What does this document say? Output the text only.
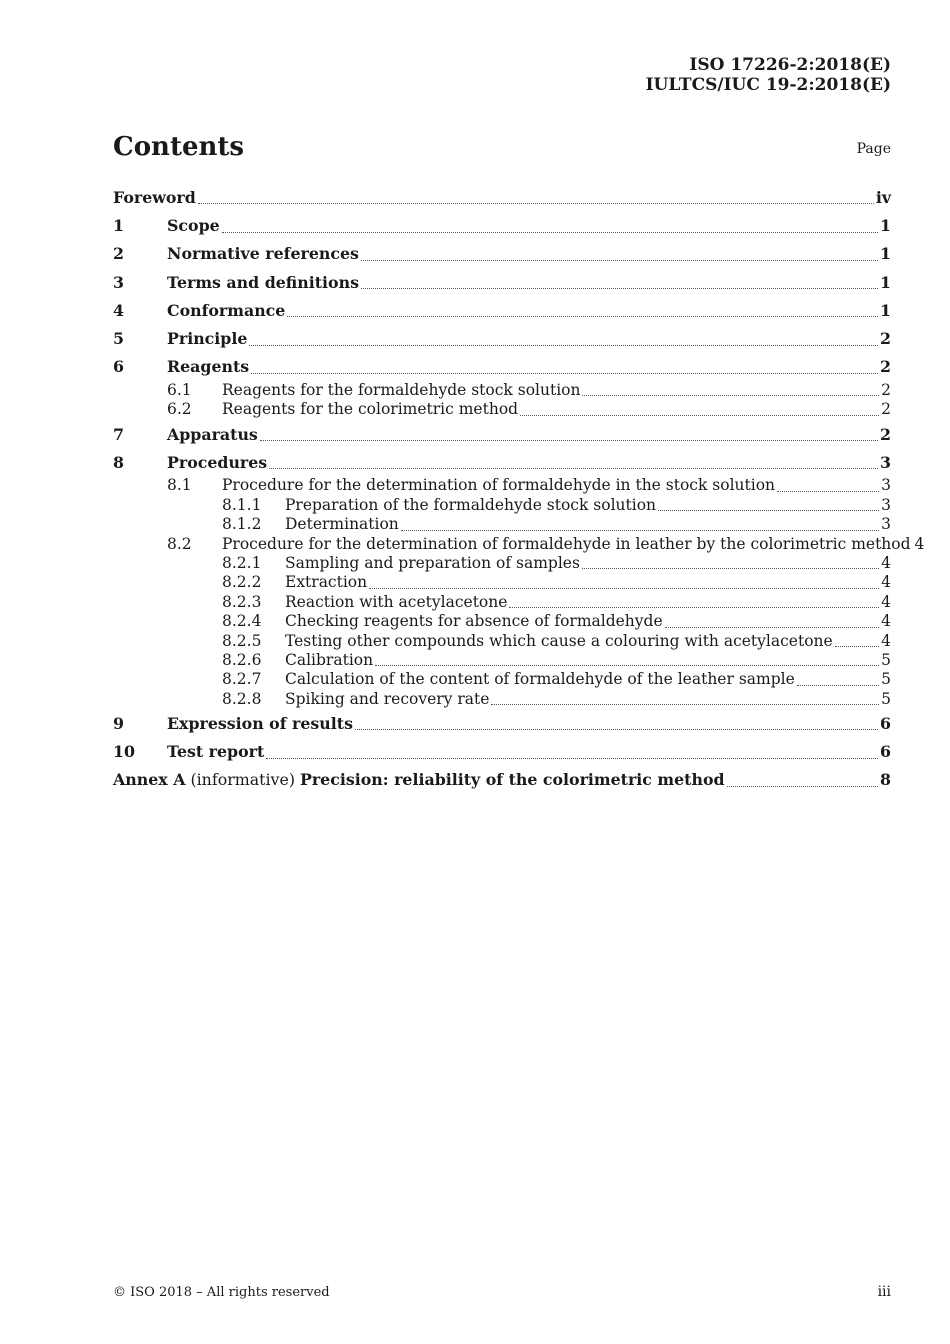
ISO 17226-2:2018(E)
IULTCS/IUC 19-2:2018(E)
Contents	Page
Foreword	iv
1	Scope	1
2	Normative references	1
3	Terms and definitions	1
4	Conformance	1
5	Principle	2
6	Reagents	2
6.1	Reagents for the formaldehyde stock solution	2
6.2	Reagents for the colorimetric method	2
7	Apparatus	2
8	Procedures	3
8.1	Procedure for the determination of formaldehyde in the stock solution	3
8.1.1	Preparation of the formaldehyde stock solution	3
8.1.2	Determination	3
8.2	Procedure for the determination of formaldehyde in leather by the colorimetric method 4
8.2.1	Sampling and preparation of samples	4
8.2.2	Extraction	4
8.2.3	Reaction with acetylacetone	4
8.2.4	Checking reagents for absence of formaldehyde	4
8.2.5	Testing other compounds which cause a colouring with acetylacetone	4
8.2.6	Calibration	5
8.2.7	Calculation of the content of formaldehyde of the leather sample	5
8.2.8	Spiking and recovery rate	5
9	Expression of results	6
10	Test report	6
Annex A (informative) Precision: reliability of the colorimetric method	8
© ISO 2018 – All rights reserved	iii
